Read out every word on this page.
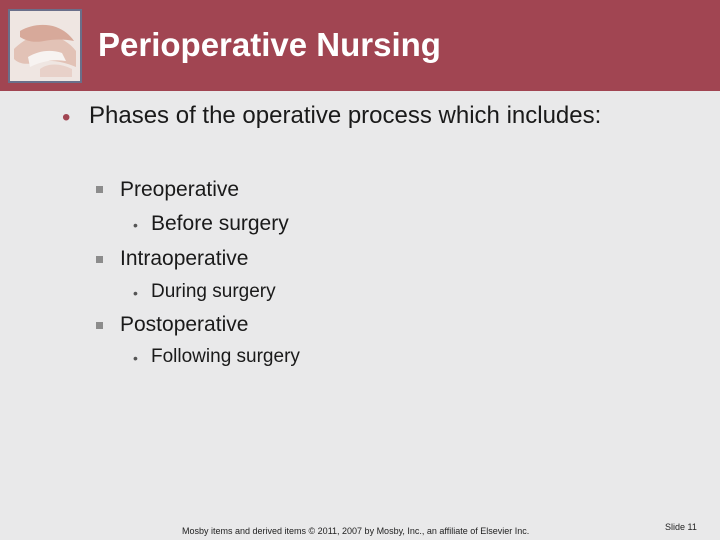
Perioperative Nursing
• Phases of the operative process which includes:
Preoperative
• Before surgery
Intraoperative
• During surgery
Postoperative
• Following surgery
Mosby items and derived items © 2011, 2007 by Mosby, Inc., an affiliate of Elsevier Inc.	Slide 11
